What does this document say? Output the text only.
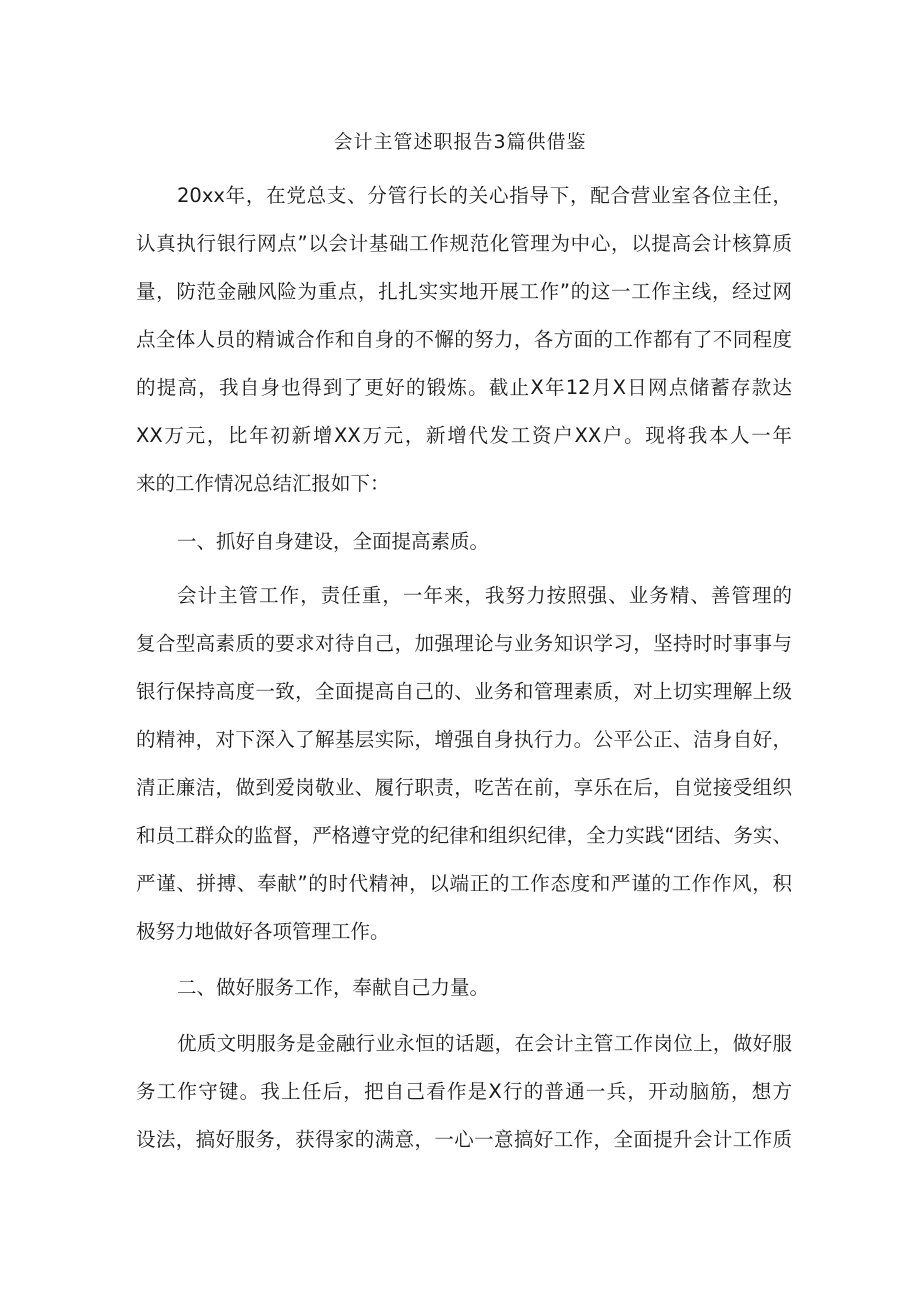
会计主管述职报告3篇供借鉴
20xx年，在党总支、分管行长的关心指导下，配合营业室各位主任，
认真执行银行网点”以会计基础工作规范化管理为中心，以提高会计核算质
量，防范金融风险为重点，扎扎实实地开展工作”的这一工作主线，经过网
点全体人员的精诚合作和自身的不懈的努力，各方面的工作都有了不同程度
的提高，我自身也得到了更好的锻炼。截止X年12月X日网点储蓄存款达
XX万元，比年初新增XX万元，新增代发工资户XX户。现将我本人一年
来的工作情况总结汇报如下：
一、抓好自身建设，全面提高素质。
会计主管工作，责任重，一年来，我努力按照强、业务精、善管理的
复合型高素质的要求对待自己，加强理论与业务知识学习，坚持时时事事与
银行保持高度一致，全面提高自己的、业务和管理素质，对上切实理解上级
的精神，对下深入了解基层实际，增强自身执行力。公平公正、洁身自好，
清正廉洁，做到爱岗敬业、履行职责，吃苦在前，享乐在后，自觉接受组织
和员工群众的监督，严格遵守党的纪律和组织纪律，全力实践“团结、务实、
严谨、拼搏、奉献”的时代精神，以端正的工作态度和严谨的工作作风，积
极努力地做好各项管理工作。
二、做好服务工作，奉献自己力量。
优质文明服务是金融行业永恒的话题，在会计主管工作岗位上，做好服
务工作守键。我上任后，把自己看作是X行的普通一兵，开动脑筋，想方
设法，搞好服务，获得家的满意，一心一意搞好工作，全面提升会计工作质
